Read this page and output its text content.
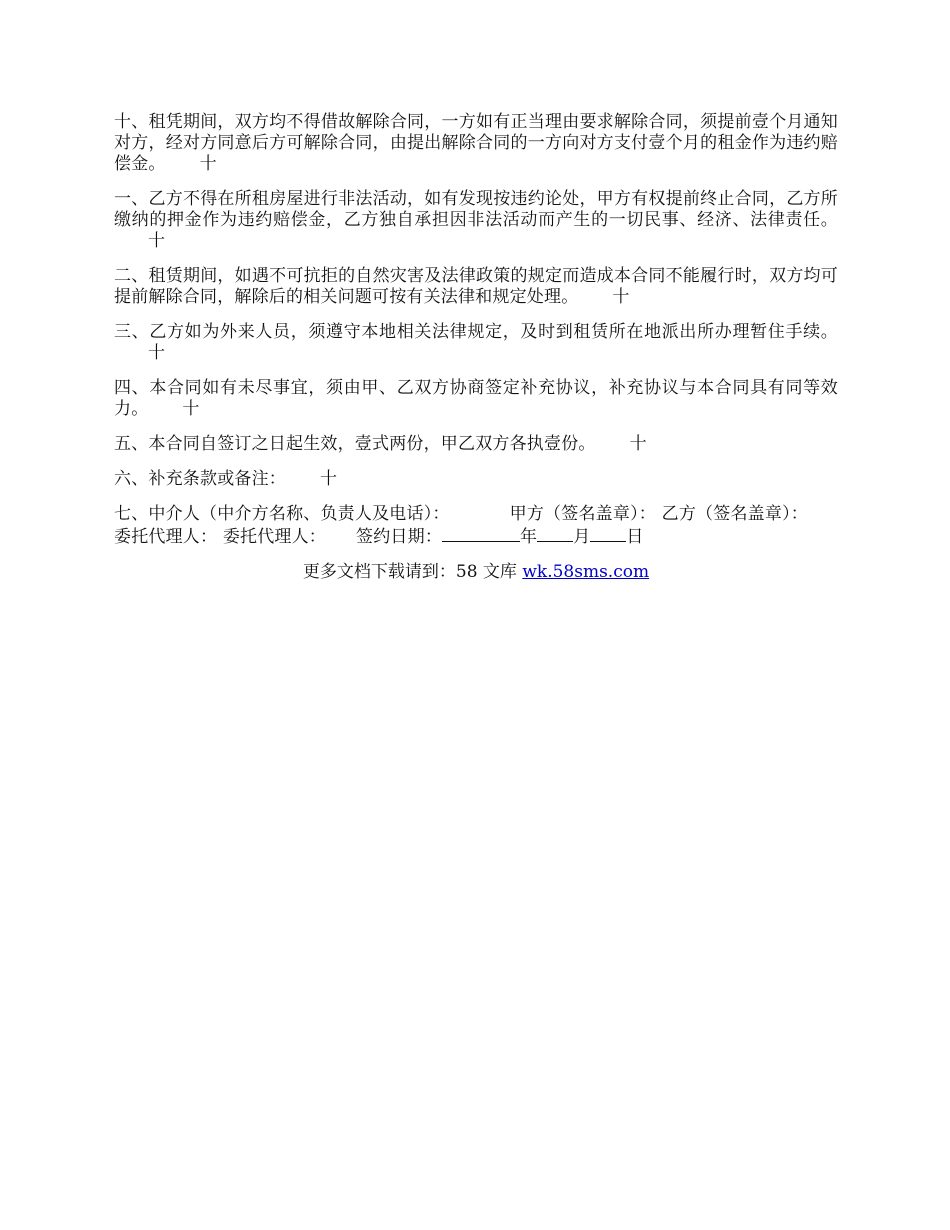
十、租凭期间，双方均不得借故解除合同，一方如有正当理由要求解除合同，须提前壹个月通知对方，经对方同意后方可解除合同，由提出解除合同的一方向对方支付壹个月的租金作为违约赔偿金。 十

一、乙方不得在所租房屋进行非法活动，如有发现按违约论处，甲方有权提前终止合同，乙方所缴纳的押金作为违约赔偿金，乙方独自承担因非法活动而产生的一切民事、经济、法律责任。十

二、租赁期间，如遇不可抗拒的自然灾害及法律政策的规定而造成本合同不能履行时，双方均可提前解除合同，解除后的相关问题可按有关法律和规定处理。 十

三、乙方如为外来人员，须遵守本地相关法律规定，及时到租赁所在地派出所办理暂住手续。十

四、本合同如有未尽事宜，须由甲、乙双方协商签定补充协议，补充协议与本合同具有同等效力。 十

五、本合同自签订之日起生效，壹式两份，甲乙双方各执壹份。 十

六、补充条款或备注： 十

七、中介人（中介方名称、负责人及电话）：	甲方（签名盖章）： 乙方（签名盖章）：委托代理人： 委托代理人： 签约日期：	年 月 日

更多文档下载请到：58 文库 wk.58sms.com
